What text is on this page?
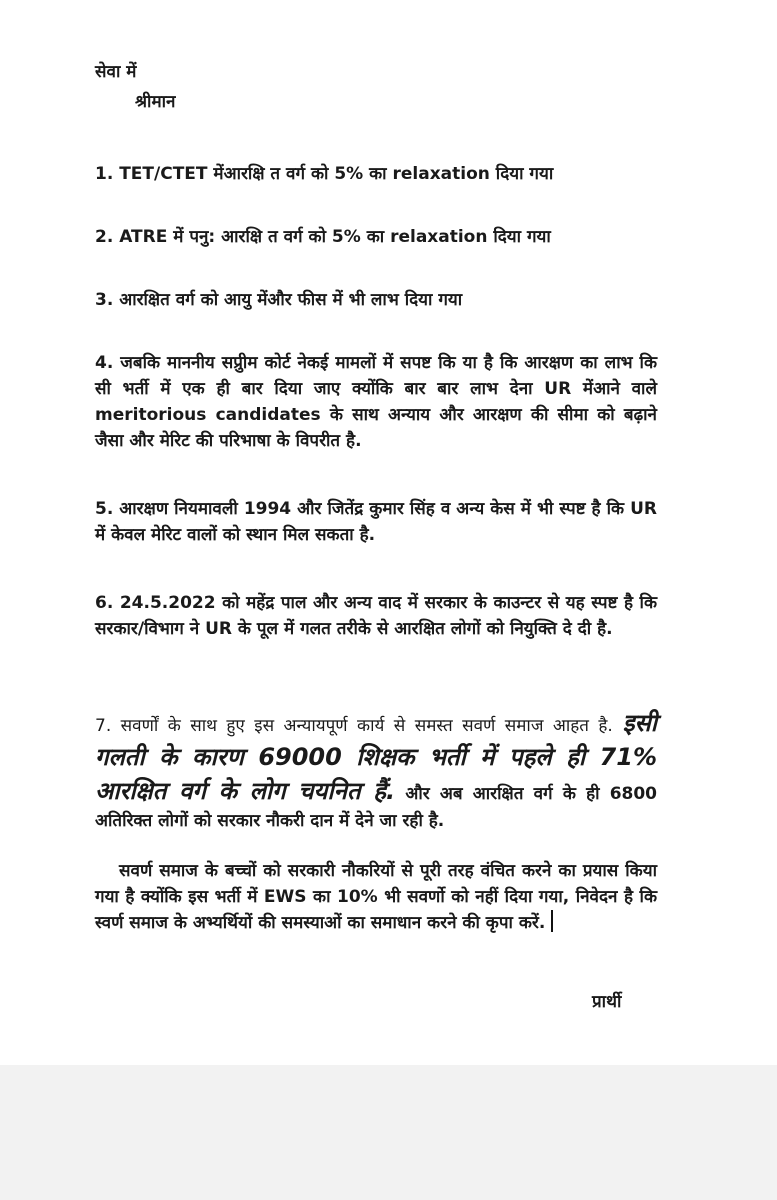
सेवा में
श्रीमान
1. TET/CTET मेंआरक्षि त वर्ग को 5% का relaxation दिया गया
2. ATRE में पनु: आरक्षि त वर्ग को 5% का relaxation दिया गया
3. आरक्षित वर्ग को आयु मेंऔर फीस में भी लाभ दिया गया
4. जबकि माननीय सप्रुीम कोर्ट नेकई मामलों में सपष्ट कि या है कि आरक्षण का लाभ कि सी भर्ती में एक ही बार दिया जाए क्योंकि बार बार लाभ देना UR मेंआने वाले meritorious candidates के साथ अन्याय और आरक्षण की सीमा को बढ़ाने जैसा और मेरिट की परिभाषा के विपरीत है.
5. आरक्षण नियमावली 1994 और जितेंद्र कुमार सिंह व अन्य केस में भी स्पष्ट है कि UR में केवल मेरिट वालों को स्थान मिल सकता है.
6. 24.5.2022 को महेंद्र पाल और अन्य वाद में सरकार के काउन्टर से यह स्पष्ट है कि सरकार/विभाग ने UR के पूल में गलत तरीके से आरक्षित लोगों को नियुक्ति दे दी है.
7. सवर्णों के साथ हुए इस अन्यायपूर्ण कार्य से समस्त सवर्ण समाज आहत है. इसी गलती के कारण 69000 शिक्षक भर्ती में पहले ही 71% आरक्षित वर्ग के लोग चयनित हैं. और अब आरक्षित वर्ग के ही 6800 अतिरिक्त लोगों को सरकार नौकरी दान में देने जा रही है.
सवर्ण समाज के बच्चों को सरकारी नौकरियों से पूरी तरह वंचित करने का प्रयास किया गया है क्योंकि इस भर्ती में EWS का 10% भी सवर्णो को नहीं दिया गया, निवेदन है कि स्वर्ण समाज के अभ्यर्थियों की समस्याओं का समाधान करने की कृपा करें.
प्रार्थी
